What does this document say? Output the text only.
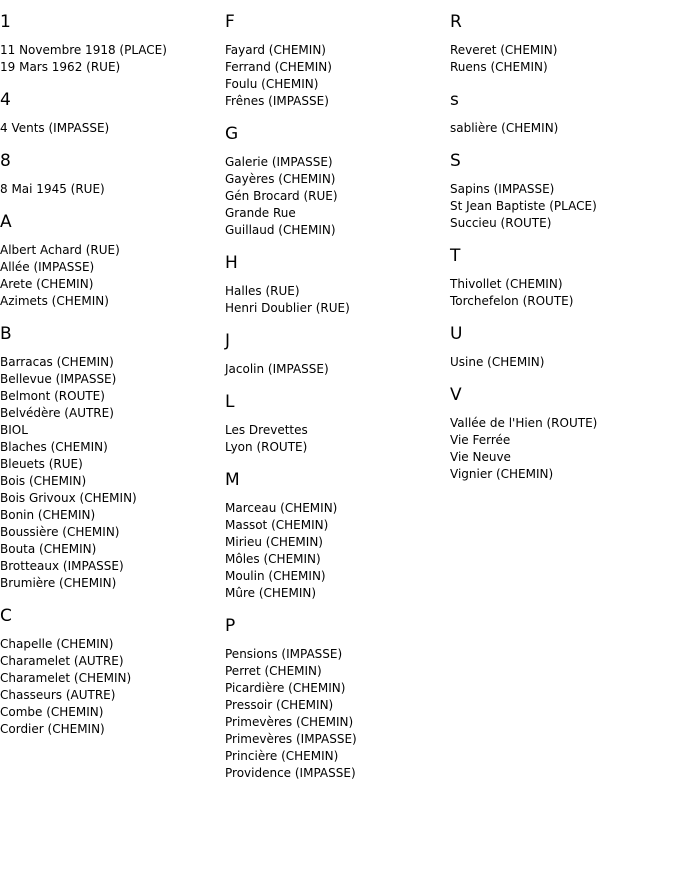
1
11 Novembre 1918 (PLACE)
19 Mars 1962 (RUE)
4
4 Vents (IMPASSE)
8
8 Mai 1945 (RUE)
A
Albert Achard (RUE)
Allée (IMPASSE)
Arete (CHEMIN)
Azimets (CHEMIN)
B
Barracas (CHEMIN)
Bellevue (IMPASSE)
Belmont (ROUTE)
Belvédère (AUTRE)
BIOL
Blaches (CHEMIN)
Bleuets (RUE)
Bois (CHEMIN)
Bois Grivoux (CHEMIN)
Bonin (CHEMIN)
Boussière (CHEMIN)
Bouta (CHEMIN)
Brotteaux (IMPASSE)
Brumière (CHEMIN)
C
Chapelle (CHEMIN)
Charamelet (AUTRE)
Charamelet (CHEMIN)
Chasseurs (AUTRE)
Combe (CHEMIN)
Cordier (CHEMIN)
F
Fayard (CHEMIN)
Ferrand (CHEMIN)
Foulu (CHEMIN)
Frênes (IMPASSE)
G
Galerie (IMPASSE)
Gayères (CHEMIN)
Gén Brocard (RUE)
Grande Rue
Guillaud (CHEMIN)
H
Halles (RUE)
Henri Doublier (RUE)
J
Jacolin (IMPASSE)
L
Les Drevettes
Lyon (ROUTE)
M
Marceau (CHEMIN)
Massot (CHEMIN)
Mirieu (CHEMIN)
Môles (CHEMIN)
Moulin (CHEMIN)
Mûre (CHEMIN)
P
Pensions (IMPASSE)
Perret (CHEMIN)
Picardière (CHEMIN)
Pressoir (CHEMIN)
Primevères (CHEMIN)
Primevères (IMPASSE)
Princière (CHEMIN)
Providence (IMPASSE)
R
Reveret (CHEMIN)
Ruens (CHEMIN)
s
sablière (CHEMIN)
S
Sapins (IMPASSE)
St Jean Baptiste (PLACE)
Succieu (ROUTE)
T
Thivollet (CHEMIN)
Torchefelon (ROUTE)
U
Usine (CHEMIN)
V
Vallée de l'Hien (ROUTE)
Vie Ferrée
Vie Neuve
Vignier (CHEMIN)
